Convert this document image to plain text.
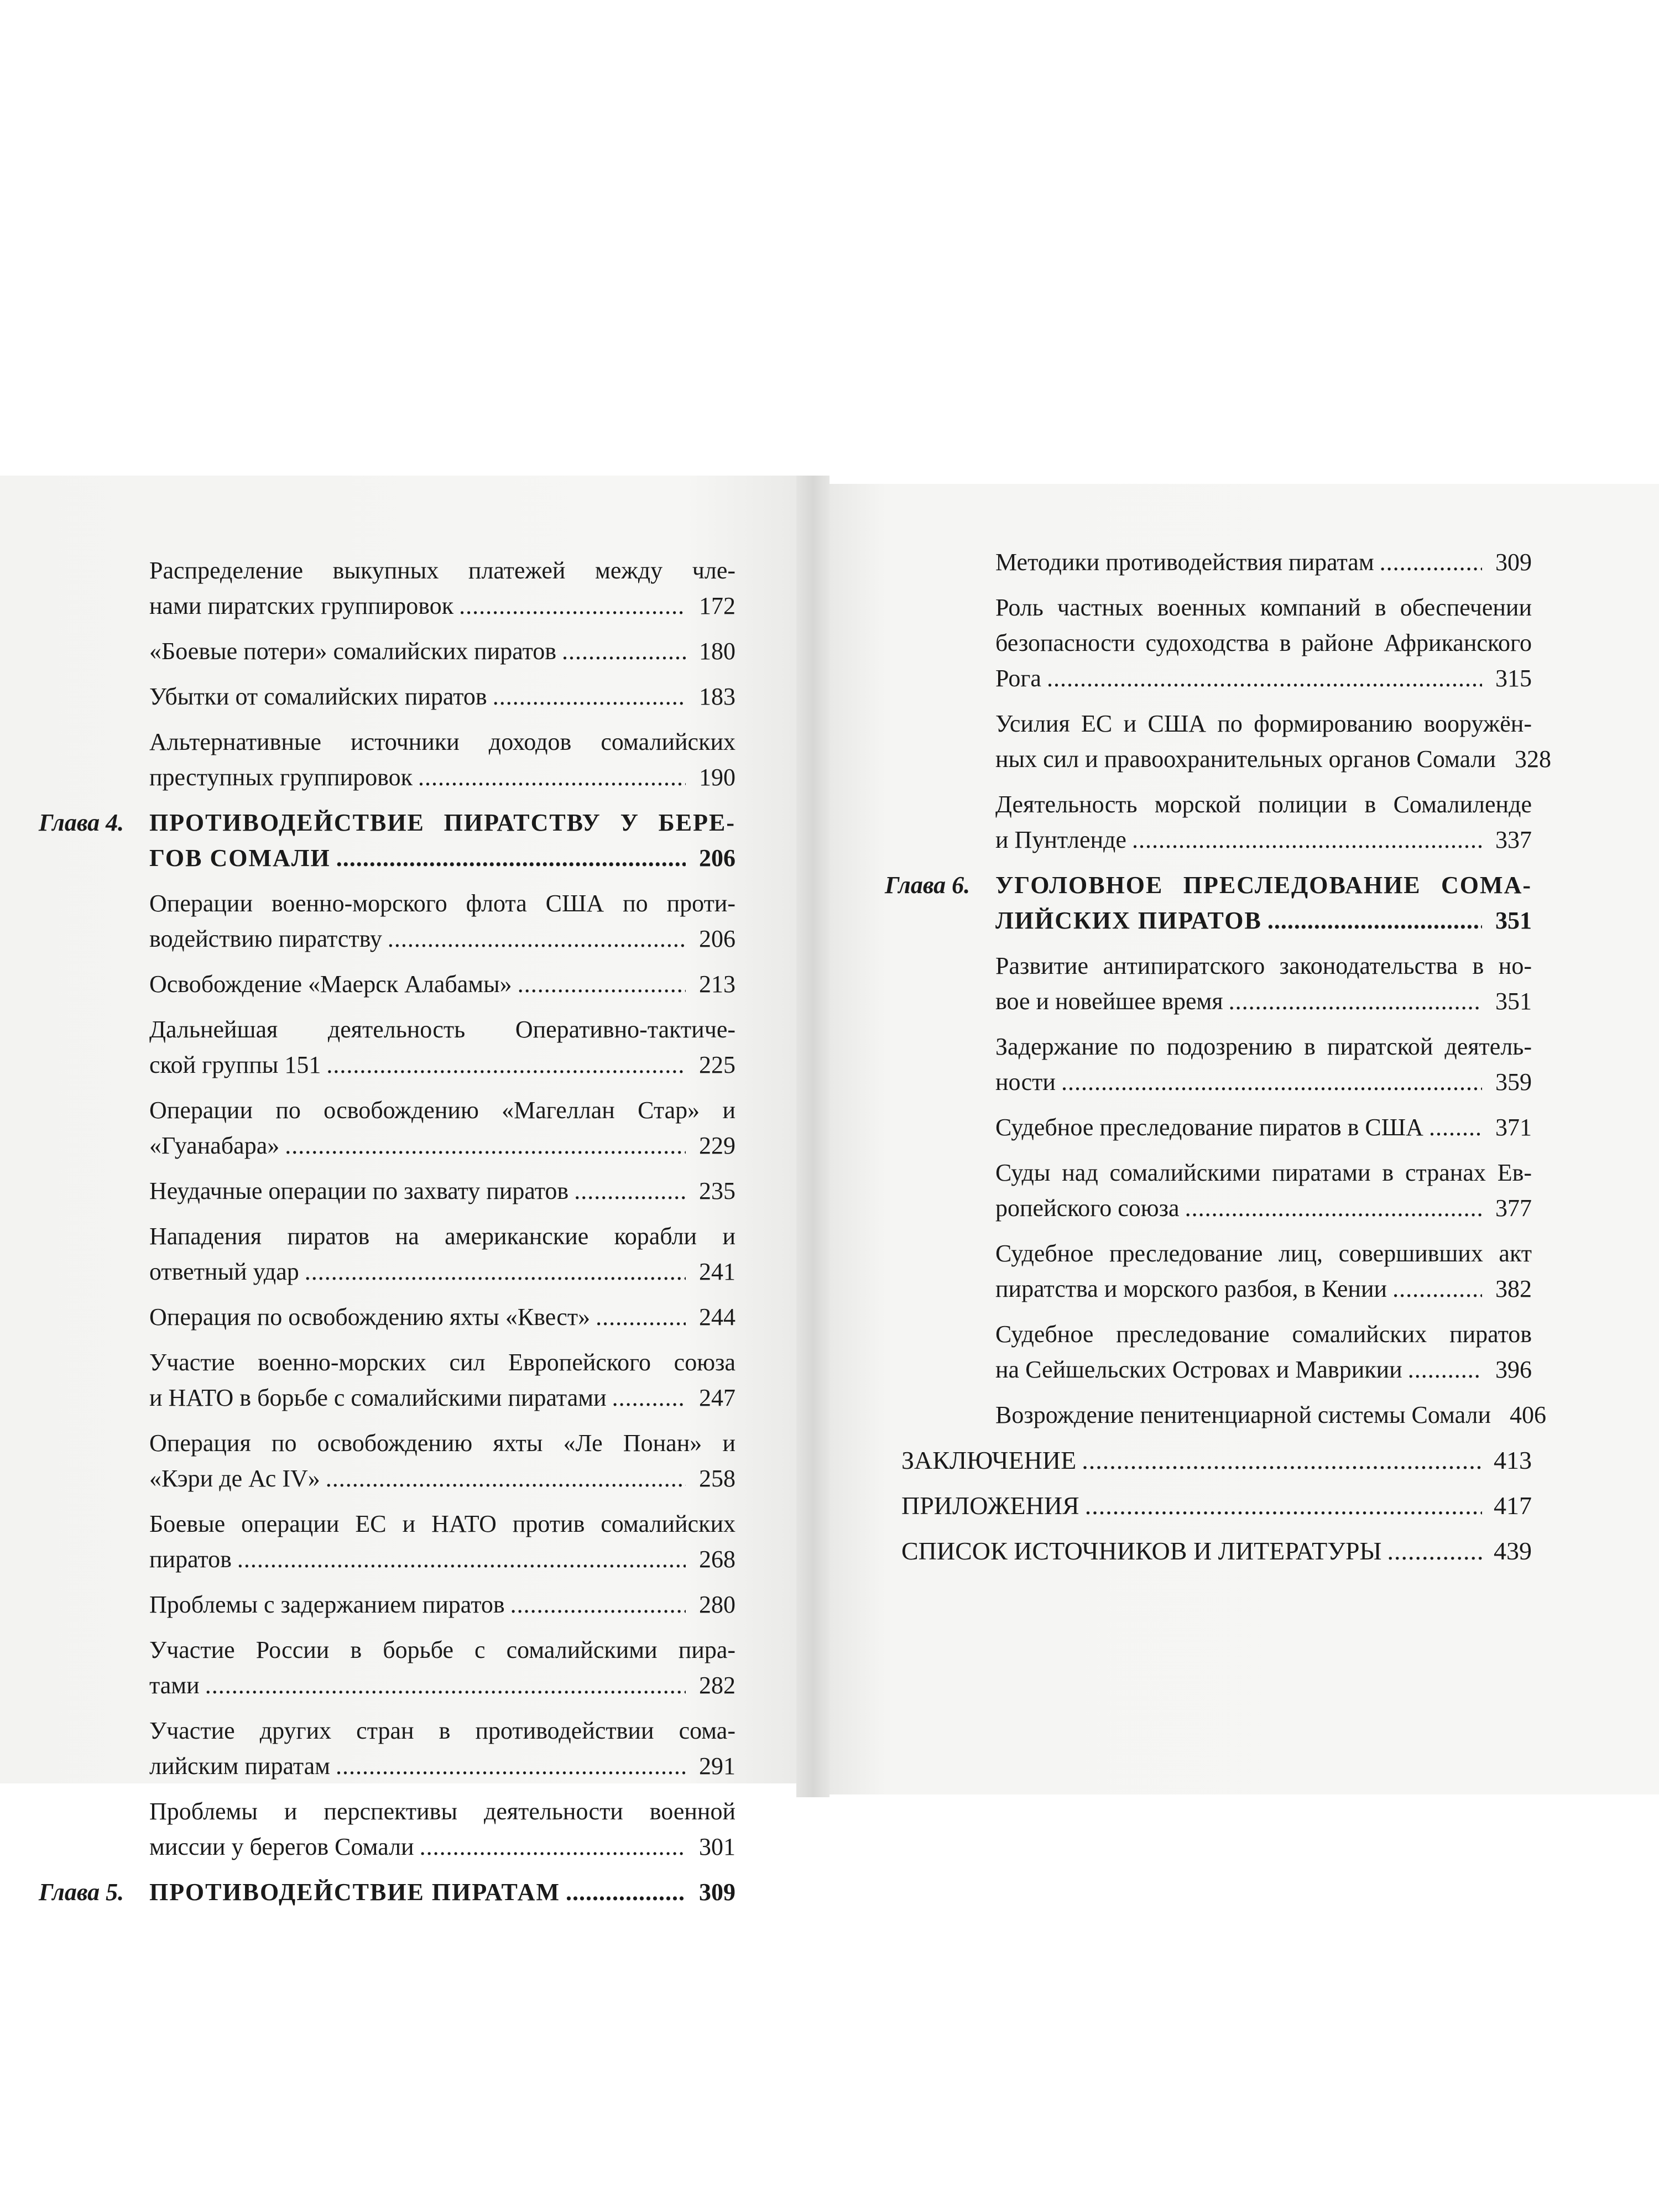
Распределение выкупных платежей между чле-
нами пиратских группировок .....	172
«Боевые потери» сомалийских пиратов .....	180
Убытки от сомалийских пиратов .....	183
Альтернативные источники доходов сомалийских
преступных группировок .....	190
Глава 4. ПРОТИВОДЕЙСТВИЕ ПИРАТСТВУ У БЕРЕ-
ГОВ СОМАЛИ .....	206
Операции военно-морского флота США по проти-
водействию пиратству .....	206
Освобождение «Маерск Алабамы» .....	213
Дальнейшая деятельность Оперативно-тактиче-
ской группы 151 .....	225
Операции по освобождению «Магеллан Стар» и
«Гуанабара» .....	229
Неудачные операции по захвату пиратов .....	235
Нападения пиратов на американские корабли и
ответный удар .....	241
Операция по освобождению яхты «Квест» .....	244
Участие военно-морских сил Европейского союза
и НАТО в борьбе с сомалийскими пиратами .....	247
Операция по освобождению яхты «Ле Понан» и
«Кэри де Ас IV» .....	258
Боевые операции ЕС и НАТО против сомалийских
пиратов .....	268
Проблемы с задержанием пиратов .....	280
Участие России в борьбе с сомалийскими пира-
тами .....	282
Участие других стран в противодействии сома-
лийским пиратам .....	291
Проблемы и перспективы деятельности военной
миссии у берегов Сомали .....	301
Глава 5. ПРОТИВОДЕЙСТВИЕ ПИРАТАМ .....	309
Методики противодействия пиратам .....	309
Роль частных военных компаний в обеспечении
безопасности судоходства в районе Африканского
Рога .....	315
Усилия ЕС и США по формированию вооружён-
ных сил и правоохранительных органов Сомали 328
Деятельность морской полиции в Сомалиленде
и Пунтленде .....	337
Глава 6. УГОЛОВНОЕ ПРЕСЛЕДОВАНИЕ СОМА-
ЛИЙСКИХ ПИРАТОВ .....	351
Развитие антипиратского законодательства в но-
вое и новейшее время .....	351
Задержание по подозрению в пиратской деятель-
ности .....	359
Судебное преследование пиратов в США .....	371
Суды над сомалийскими пиратами в странах Ев-
ропейского союза .....	377
Судебное преследование лиц, совершивших акт
пиратства и морского разбоя, в Кении .....	382
Судебное преследование сомалийских пиратов
на Сейшельских Островах и Маврикии .....	396
Возрождение пенитенциарной системы Сомали 406
ЗАКЛЮЧЕНИЕ .....	413
ПРИЛОЖЕНИЯ .....	417
СПИСОК ИСТОЧНИКОВ И ЛИТЕРАТУРЫ .....	439
